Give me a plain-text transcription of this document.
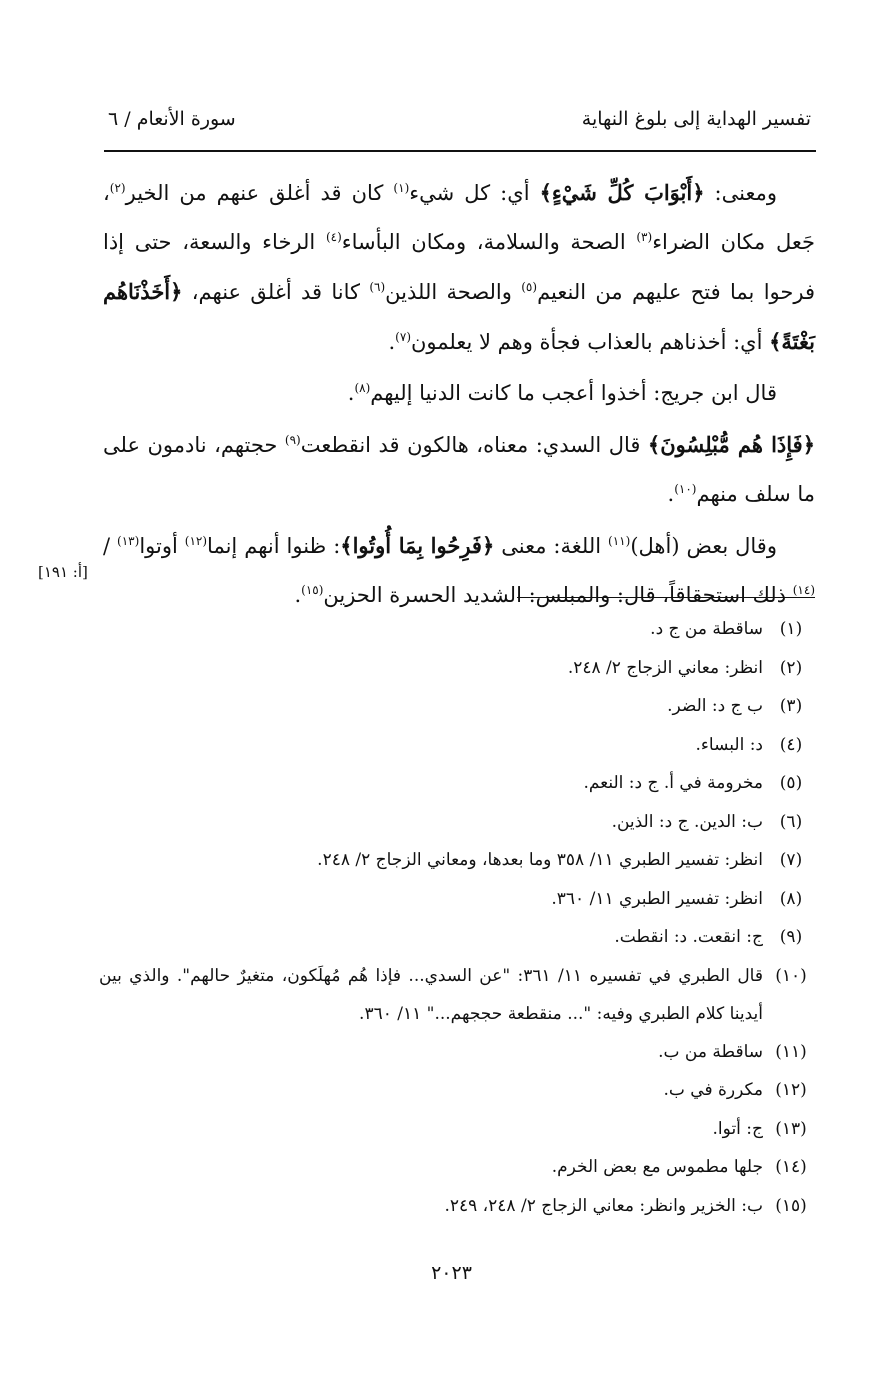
تفسير الهداية إلى بلوغ النهاية
سورة الأنعام / ٦

ومعنى: ﴿أَبْوَابَ كُلِّ شَيْءٍ﴾ أي: كل شيء$^{(١)}$ كان قد أغلق عنهم من الخير$^{(٢)}$، جَعل مكان الضراء$^{(٣)}$ الصحة والسلامة، ومكان البأساء$^{(٤)}$ الرخاء والسعة، حتى إذا فرحوا بما فتح عليهم من النعيم$^{(٥)}$ والصحة اللذين$^{(٦)}$ كانا قد أغلق عنهم، ﴿أَخَذْنَاهُم بَغْتَةً﴾ أي: أخذناهم بالعذاب فجأة وهم لا يعلمون$^{(٧)}$.

قال ابن جريج: أخذوا أعجب ما كانت الدنيا إليهم$^{(٨)}$.

﴿فَإِذَا هُم مُّبْلِسُونَ﴾ قال السدي: معناه، هالكون قد انقطعت$^{(٩)}$ حجتهم، نادمون على ما سلف منهم$^{(١٠)}$.

وقال بعض (أهل)$^{(١١)}$ اللغة: معنى ﴿فَرِحُوا بِمَا أُوتُوا﴾: ظنوا أنهم إنما$^{(١٢)}$ أوتوا$^{(١٣)}$ / $^{(١٤)}$ ذلك استحقاقاً، قال: والمبلس: الشديد الحسرة الحزين$^{(١٥)}$.

[أ: ١٩١]
(١)
ساقطة من ج د.
(٢)
انظر: معاني الزجاج ٢/ ٢٤٨.
(٣)
ب ج د: الضر.
(٤)
د: البساء.
(٥)
مخرومة في أ. ج د: النعم.
(٦)
ب: الدين. ج د: الذين.
(٧)
انظر: تفسير الطبري ١١/ ٣٥٨ وما بعدها، ومعاني الزجاج ٢/ ٢٤٨.
(٨)
انظر: تفسير الطبري ١١/ ٣٦٠.
(٩)
ج: انقعت. د: انقطت.
(١٠)
قال الطبري في تفسيره ١١/ ٣٦١: "عن السدي... فإذا هُم مُهلَكون، متغيرٌ حالهم". والذي بين أيدينا كلام الطبري وفيه: "... منقطعة حججهم..." ١١/ ٣٦٠.
(١١)
ساقطة من ب.
(١٢)
مكررة في ب.
(١٣)
ج: أتوا.
(١٤)
جلها مطموس مع بعض الخرم.
(١٥)
ب: الخزير وانظر: معاني الزجاج ٢/ ٢٤٨، ٢٤٩.
٢٠٢٣
